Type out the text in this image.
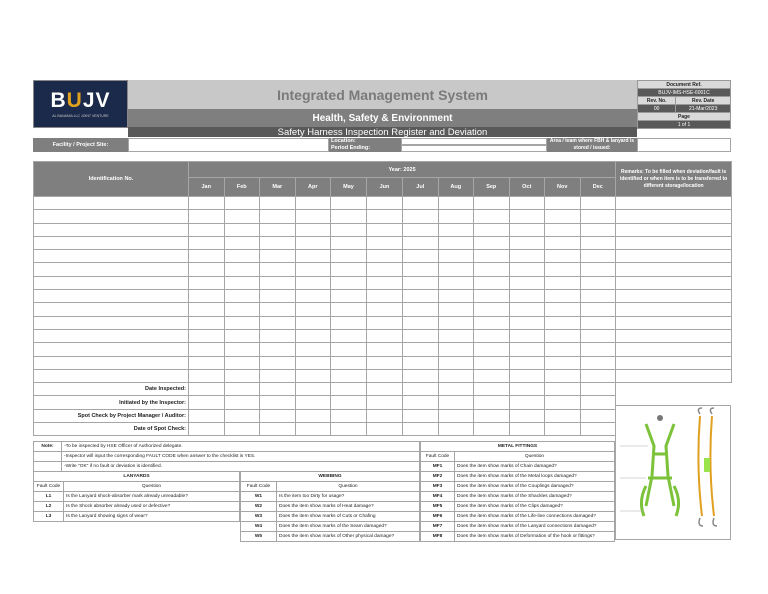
BUJV
AL BANANIA LLC JOINT VENTURE
Integrated Management System
Health, Safety & Environment
Safety Harness Inspection Register and Deviation
Document Ref.	
BUJV-IMS-HSE-6001C	
Rev. No.	Rev. Date
00	21-Mar/2023
Page	
1 of 1	
Facility / Project Site:
Location:
Period Ending:
Area / team where FBH & lanyard is stored / issued:
Identification No.	Year: 2025												Remarks: To be filled when deviation/fault is identified or when item is to be transferred to different storage/location
	Jan	Feb	Mar	Apr	May	Jun	Jul	Aug	Sep	Oct	Nov	Dec	

Date Inspected:													
Initiated by the Inspector:													
Spot Check by Project Manager / Auditor:													
Date of Spot Check:													
Note:	-To be inspected by HSE Officer of Authorized delegate.
	-Inspector will input the corresponding FAULT CODE when answer to the checklist is YES.
	-Write "OK" if no fault or deviation is identified.
LANYARDS	
Fault Code	Question
L1	Is the Lanyard shock-absorber mark already unreadable?
L2	Is the Shock absorber already used or defective?
L3	Is the Lanyard showing signs of wear?
WEBBING	
Fault Code	Question
W1	Is the item too Dirty for usage?
W2	Does the item show marks of Heat damage?
W3	Does the item show marks of Cuts or Chafing
W4	Does the item show marks of the Seam damaged?
W5	Does the item show marks of Other physical damage?
METAL FITTINGS	
Fault Code	Question
MF1	Does the item show marks of Chain damaged?
MF2	Does the item show marks of the Metal loops damaged?
MF3	Does the item show marks of the Couplings damaged?
MF4	Does the item show marks of the Shackles damaged?
MF5	Does the item show marks of the Clips damaged?
MF6	Does the item show marks of the Life-line connections damaged?
MF7	Does the item show marks of the Lanyard connections damaged?
MF8	Does the item show marks of Deformation of the hook or fittings?
